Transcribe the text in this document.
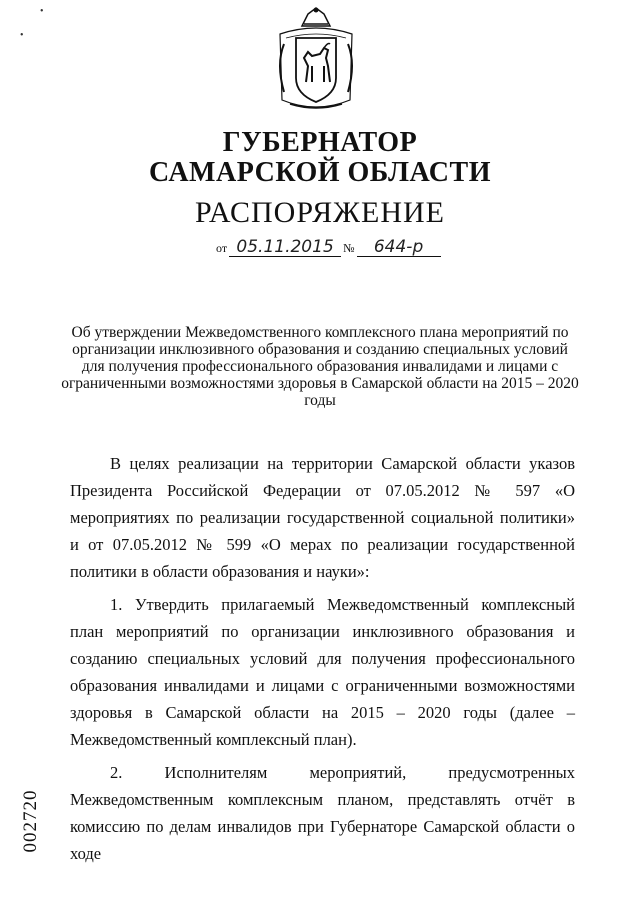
ГУБЕРНАТОР
САМАРСКОЙ ОБЛАСТИ
РАСПОРЯЖЕНИЕ
от 05.11.2015 № 644-р
Об утверждении Межведомственного комплексного плана мероприятий по организации инклюзивного образования и созданию специальных условий для получения профессионального образования инвалидами и лицами с ограниченными возможностями здоровья в Самарской области на 2015 – 2020 годы

В целях реализации на территории Самарской области указов Президента Российской Федерации от 07.05.2012 № 597 «О мероприятиях по реализации государственной социальной политики» и от 07.05.2012 № 599 «О мерах по реализации государственной политики в области образования и науки»:

1. Утвердить прилагаемый Межведомственный комплексный план мероприятий по организации инклюзивного образования и созданию специальных условий для получения профессионального образования инвалидами и лицами с ограниченными возможностями здоровья в Самарской области на 2015 – 2020 годы (далее – Межведомственный комплексный план).

2. Исполнителям мероприятий, предусмотренных Межведомственным комплексным планом, представлять отчёт в комиссию по делам инвалидов при Губернаторе Самарской области о ходе

002720
•
•
